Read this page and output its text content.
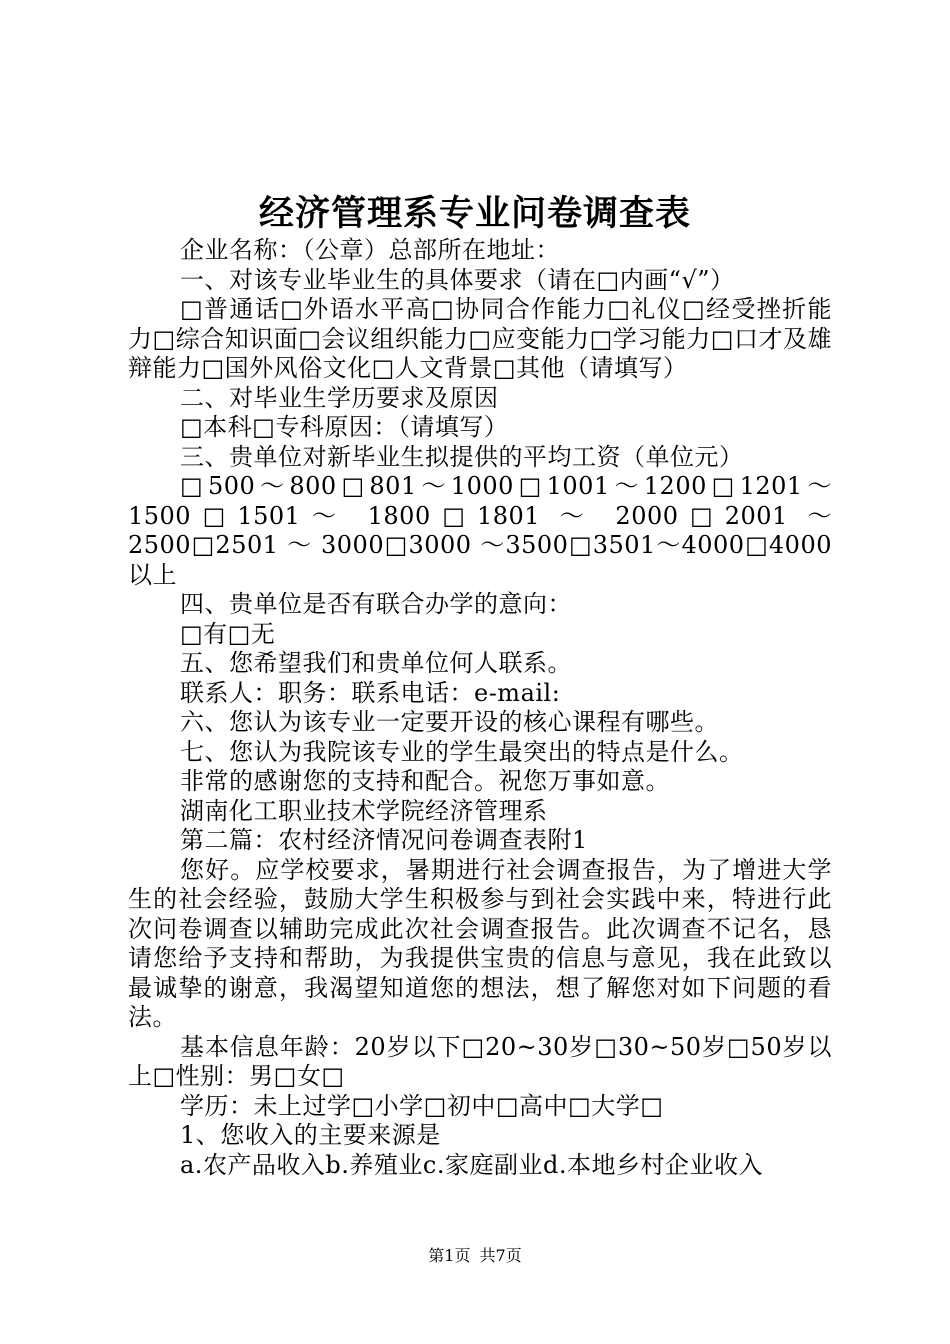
经济管理系专业问卷调查表

企业名称：（公章）总部所在地址：

一、对该专业毕业生的具体要求（请在□内画“√”）

□普通话□外语水平高□协同合作能力□礼仪□经受挫折能力□综合知识面□会议组织能力□应变能力□学习能力□口才及雄辩能力□国外风俗文化□人文背景□其他（请填写）

二、对毕业生学历要求及原因

□本科□专科原因：（请填写）

三、贵单位对新毕业生拟提供的平均工资（单位元）

□500～800□801～1000□1001～1200□1201～1500□1501～ 1800□1801 ～ 2000□2001 ～ 2500□2501 ～ 3000□3000 ～3500□3501～4000□4000 以上

四、贵单位是否有联合办学的意向：

□有□无

五、您希望我们和贵单位何人联系。

联系人：职务：联系电话：e-mail:

六、您认为该专业一定要开设的核心课程有哪些。

七、您认为我院该专业的学生最突出的特点是什么。

非常的感谢您的支持和配合。祝您万事如意。

湖南化工职业技术学院经济管理系

第二篇：农村经济情况问卷调查表附1

您好。应学校要求，暑期进行社会调查报告，为了增进大学生的社会经验，鼓励大学生积极参与到社会实践中来，特进行此次问卷调查以辅助完成此次社会调查报告。此次调查不记名，恳请您给予支持和帮助，为我提供宝贵的信息与意见，我在此致以最诚挚的谢意，我渴望知道您的想法，想了解您对如下问题的看法。

基本信息年龄：20岁以下□20~30岁□30~50岁□50岁以上□性别：男□女□

学历：未上过学□小学□初中□高中□大学□

1、您收入的主要来源是

a.农产品收入b.养殖业c.家庭副业d.本地乡村企业收入

第1页 共7页
